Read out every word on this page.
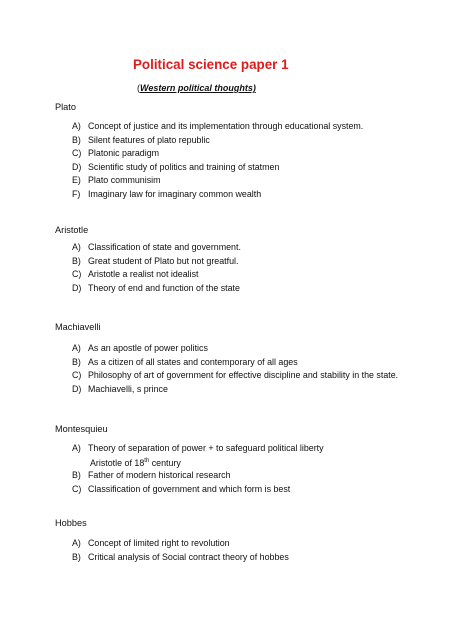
Political science paper 1
(Western political thoughts)
Plato
A) Concept of justice and its implementation through educational system.
B) Silent features of plato republic
C) Platonic paradigm
D) Scientific study of politics and training of statmen
E) Plato communisim
F) Imaginary law for imaginary common wealth
Aristotle
A) Classification of state and government.
B) Great student of Plato but not greatful.
C) Aristotle a realist not idealist
D) Theory of end and function of the state
Machiavelli
A) As an apostle of power politics
B) As a citizen of all states and contemporary of all ages
C) Philosophy of art of government for effective discipline and stability in the state.
D) Machiavelli, s prince
Montesquieu
A) Theory of separation of power + to safeguard political liberty
Aristotle of 18th century
B) Father of modern historical research
C) Classification of government and which form is best
Hobbes
A) Concept of limited right to revolution
B) Critical analysis of Social contract theory of hobbes
